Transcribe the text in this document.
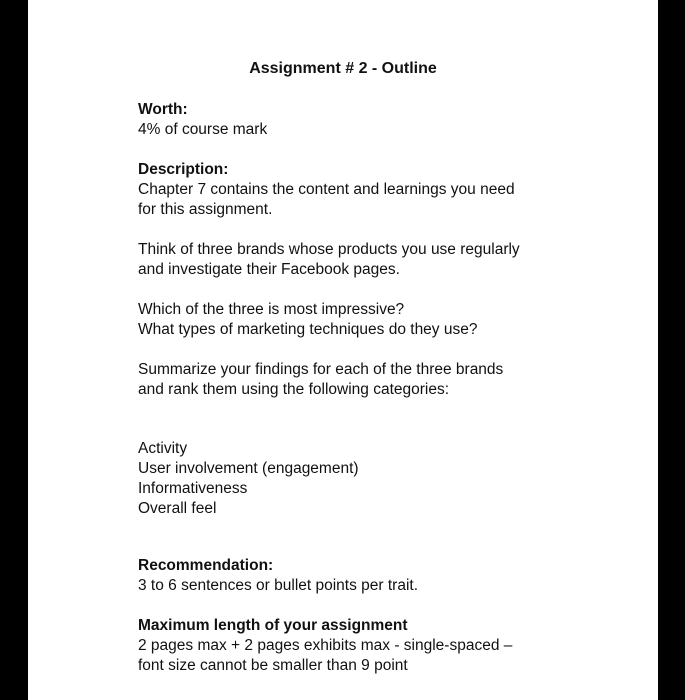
Assignment # 2 - Outline
Worth:
4% of course mark
Description:
Chapter 7 contains the content and learnings you need
for this assignment.
Think of three brands whose products you use regularly
and investigate their Facebook pages.
Which of the three is most impressive?
What types of marketing techniques do they use?
Summarize your findings for each of the three brands
and rank them using the following categories:
Activity
User involvement (engagement)
Informativeness
Overall feel
Recommendation:
3 to 6 sentences or bullet points per trait.
Maximum length of your assignment
2 pages max + 2 pages exhibits max - single-spaced –
font size cannot be smaller than 9 point
